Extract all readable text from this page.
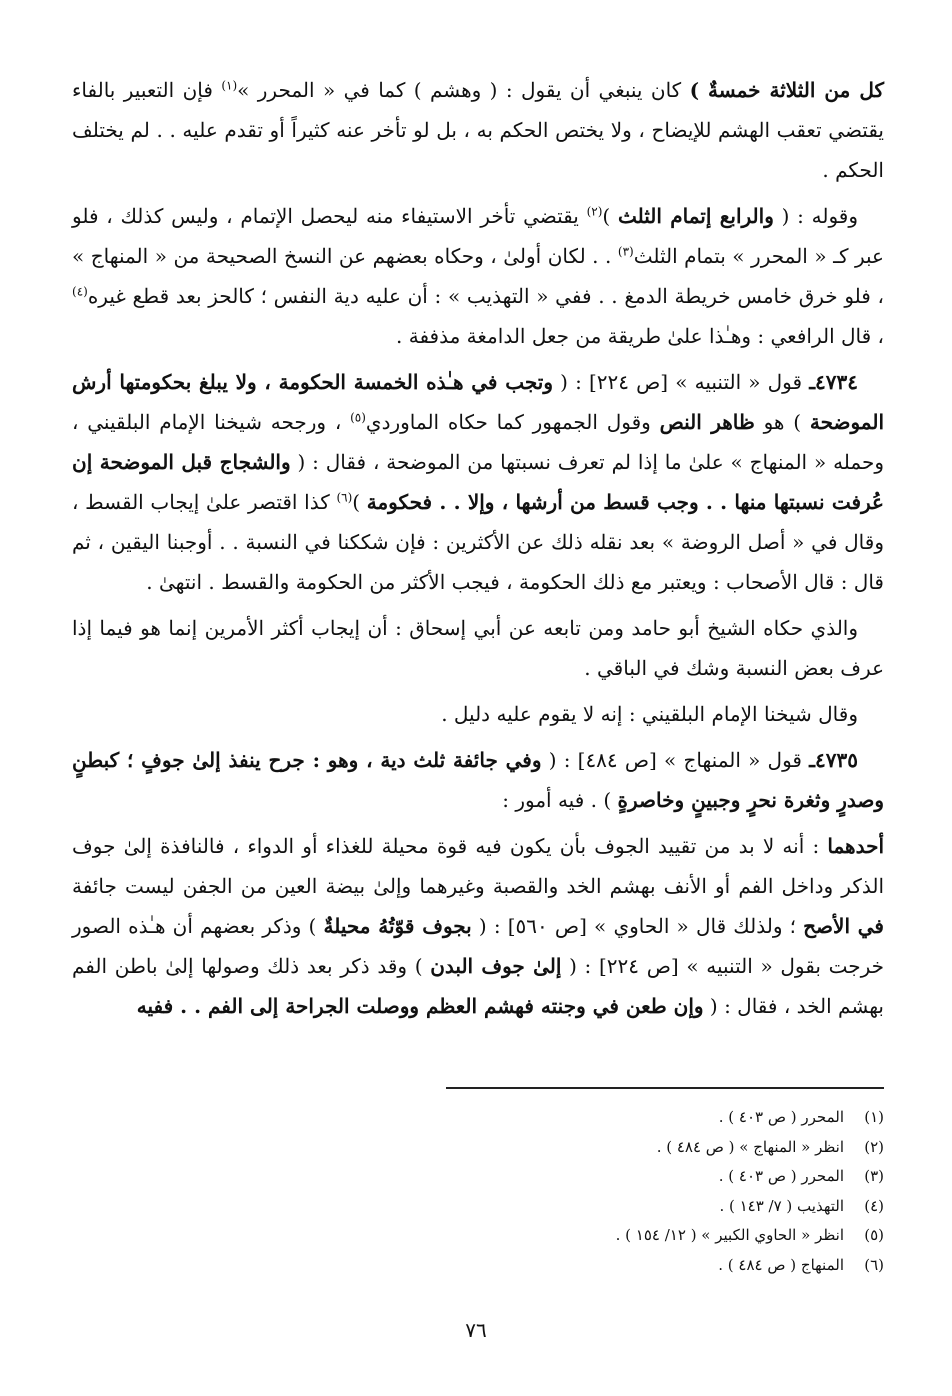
كل من الثلاثة خمسةٌ ) كان ينبغي أن يقول : ( وهشم ) كما في « المحرر »$^{(١)}$ فإن التعبير بالفاء يقتضي تعقب الهشم للإيضاح ، ولا يختص الحكم به ، بل لو تأخر عنه كثيراً أو تقدم عليه . . لم يختلف الحكم .

وقوله : ( والرابع إتمام الثلث )$^{(٢)}$ يقتضي تأخر الاستيفاء منه ليحصل الإتمام ، وليس كذلك ، فلو عبر كـ « المحرر » بتمام الثلث$^{(٣)}$ . . لكان أولىٰ ، وحكاه بعضهم عن النسخ الصحيحة من « المنهاج » ، فلو خرق خامس خريطة الدمغ . . ففي « التهذيب » : أن عليه دية النفس ؛ كالحز بعد قطع غيره$^{(٤)}$ ، قال الرافعي : وهـٰذا علىٰ طريقة من جعل الدامغة مذففة .

٤٧٣٤ـ قول « التنبيه » [ص ٢٢٤] : ( وتجب في هـٰذه الخمسة الحكومة ، ولا يبلغ بحكومتها أرش الموضحة ) هو ظاهر النص وقول الجمهور كما حكاه الماوردي$^{(٥)}$ ، ورجحه شيخنا الإمام البلقيني ، وحمله « المنهاج » علىٰ ما إذا لم تعرف نسبتها من الموضحة ، فقال : ( والشجاج قبل الموضحة إن عُرفت نسبتها منها . . وجب قسط من أرشها ، وإلا . . فحكومة )$^{(٦)}$ كذا اقتصر علىٰ إيجاب القسط ، وقال في « أصل الروضة » بعد نقله ذلك عن الأكثرين : فإن شككنا في النسبة . . أوجبنا اليقين ، ثم قال : قال الأصحاب : ويعتبر مع ذلك الحكومة ، فيجب الأكثر من الحكومة والقسط . انتهىٰ .

والذي حكاه الشيخ أبو حامد ومن تابعه عن أبي إسحاق : أن إيجاب أكثر الأمرين إنما هو فيما إذا عرف بعض النسبة وشك في الباقي .

وقال شيخنا الإمام البلقيني : إنه لا يقوم عليه دليل .

٤٧٣٥ـ قول « المنهاج » [ص ٤٨٤] : ( وفي جائفة ثلث دية ، وهو : جرح ينفذ إلىٰ جوفٍ ؛ كبطنٍ وصدرٍ وثغرة نحرٍ وجبينٍ وخاصرةٍ ) . فيه أمور :

أحدهما : أنه لا بد من تقييد الجوف بأن يكون فيه قوة محيلة للغذاء أو الدواء ، فالنافذة إلىٰ جوف الذكر وداخل الفم أو الأنف بهشم الخد والقصبة وغيرهما وإلىٰ بيضة العين من الجفن ليست جائفة في الأصح ؛ ولذلك قال « الحاوي » [ص ٥٦٠] : ( بجوف قوّتُهُ محيلةٌ ) وذكر بعضهم أن هـٰذه الصور خرجت بقول « التنبيه » [ص ٢٢٤] : ( إلىٰ جوف البدن ) وقد ذكر بعد ذلك وصولها إلىٰ باطن الفم بهشم الخد ، فقال : ( وإن طعن في وجنته فهشم العظم ووصلت الجراحة إلى الفم . . ففيه

(١)المحرر ( ص ٤٠٣ ) .
(٢)انظر « المنهاج » ( ص ٤٨٤ ) .
(٣)المحرر ( ص ٤٠٣ ) .
(٤)التهذيب ( ٧/ ١٤٣ ) .
(٥)انظر « الحاوي الكبير » ( ١٢/ ١٥٤ ) .
(٦)المنهاج ( ص ٤٨٤ ) .
٧٦
